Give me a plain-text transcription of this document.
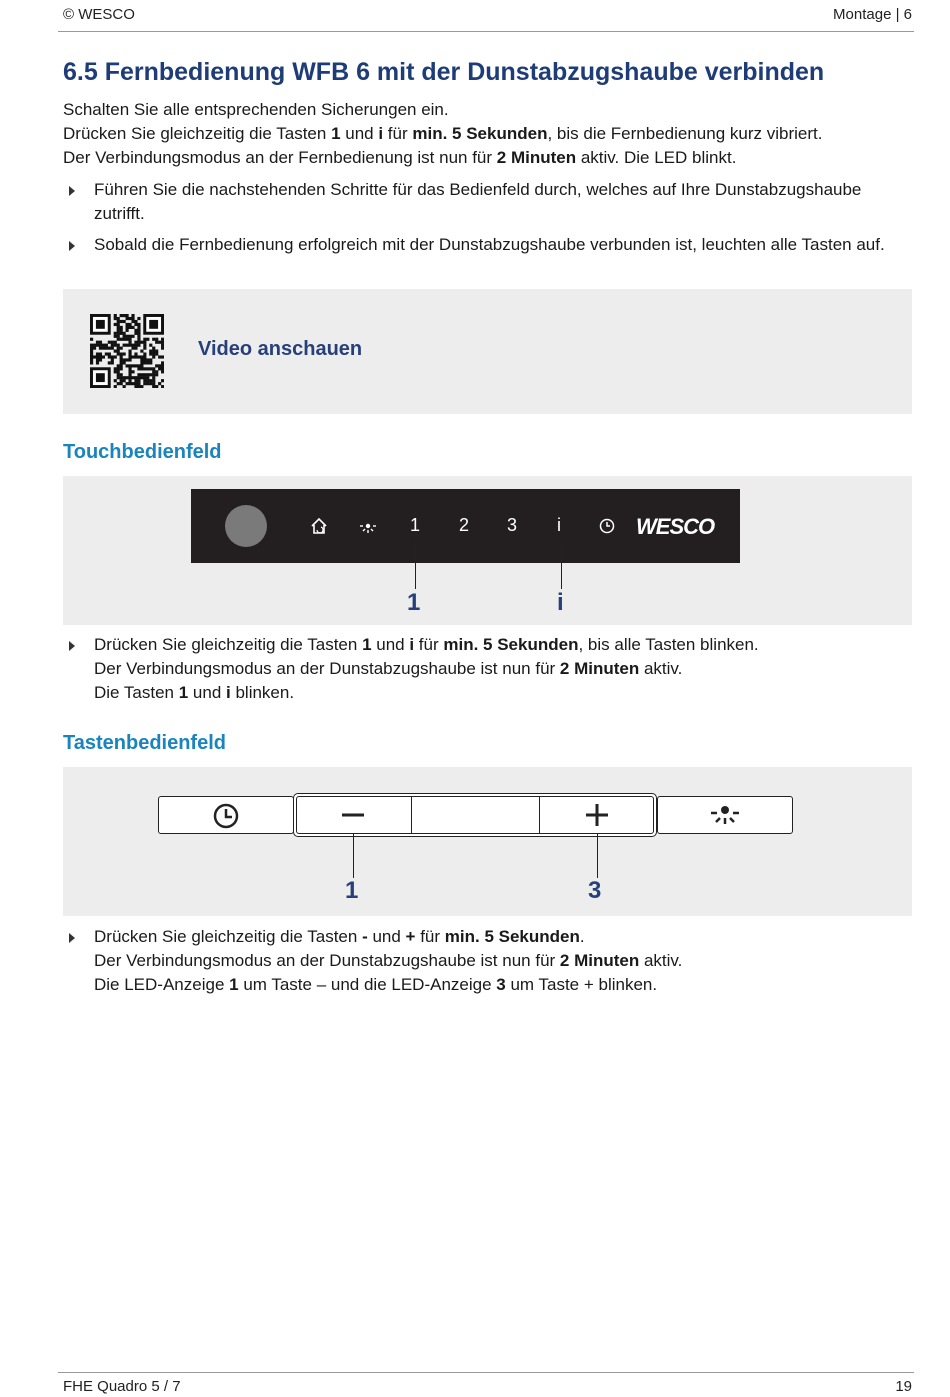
© WESCO	Montage | 6
6.5 Fernbedienung WFB 6 mit der Dunstabzugshaube verbinden
Schalten Sie alle entsprechenden Sicherungen ein.
Drücken Sie gleichzeitig die Tasten 1 und i für min. 5 Sekunden, bis die Fernbedienung kurz vibriert.
Der Verbindungsmodus an der Fernbedienung ist nun für 2 Minuten aktiv. Die LED blinkt.
Führen Sie die nachstehenden Schritte für das Bedienfeld durch, welches auf Ihre Dunstabzugshaube zutrifft.
Sobald die Fernbedienung erfolgreich mit der Dunstabzugshaube verbunden ist, leuchten alle Tasten auf.
Video anschauen
Touchbedienfeld
1 2 3 i	WESCO
1	i
Drücken Sie gleichzeitig die Tasten 1 und i für min. 5 Sekunden, bis alle Tasten blinken.
Der Verbindungsmodus an der Dunstabzugshaube ist nun für 2 Minuten aktiv.
Die Tasten 1 und i blinken.
Tastenbedienfeld
1	3
Drücken Sie gleichzeitig die Tasten - und + für min. 5 Sekunden.
Der Verbindungsmodus an der Dunstabzugshaube ist nun für 2 Minuten aktiv.
Die LED-Anzeige 1 um Taste – und die LED-Anzeige 3 um Taste + blinken.
FHE Quadro 5 / 7	19
